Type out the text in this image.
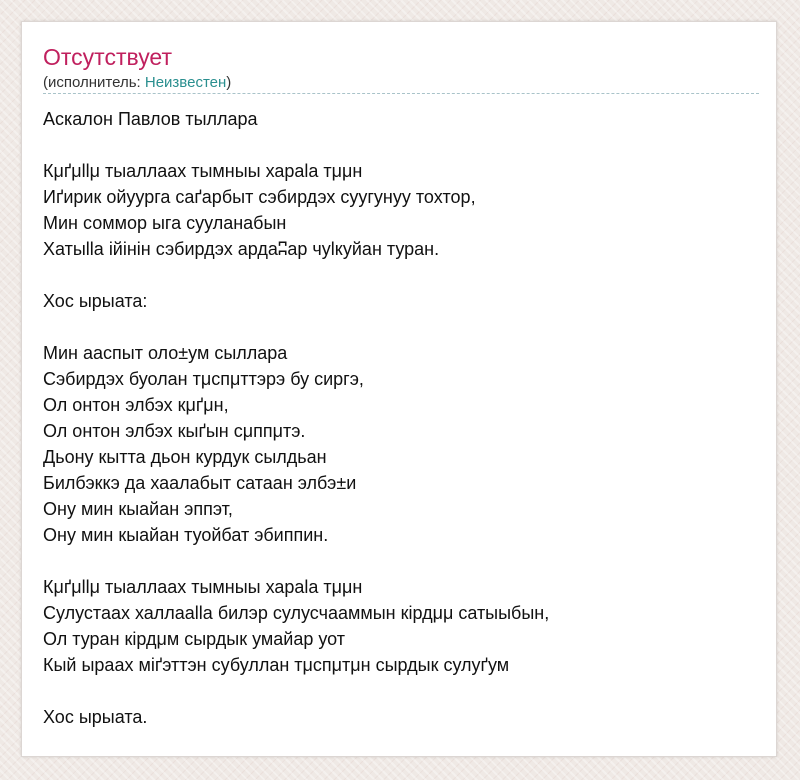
Отсутствует
(исполнитель: Неизвестен)
Аскалон Павлов тыллара
Кμґμllμ тыаллаах тымныы хараlа тμμн
Иґирик ойуурга саґарбыт сэбирдэх суугунуу тохтор,
Мин соммор ыга сууланабын
Хатыllа ійінін сэбирдэх ардаʭар чуlкуйан туран.
Хос ырыата:
Мин ааспыт оло±ум сыллара
Сэбирдэх буолан тμспμттэрэ бу сиргэ,
Ол онтон элбэх кμґμн,
Ол онтон элбэх кыґын сμппμтэ.
Дьону кытта дьон курдук сылдьан
Билбэккэ да хаалабыт сатаан элбэ±и
Ону мин кыайан эппэт,
Ону мин кыайан туойбат эбиппин.
Кμґμllμ тыаллаах тымныы хараlа тμμн
Сулустаах халлааllа билэр сулусчааммын кірдμμ сатыыбын,
Ол туран кірдμм сырдык умайар уот
Кый ыраах міґэттэн субуллан тμспμтμн сырдык сулуґум
Хос ырыата.
